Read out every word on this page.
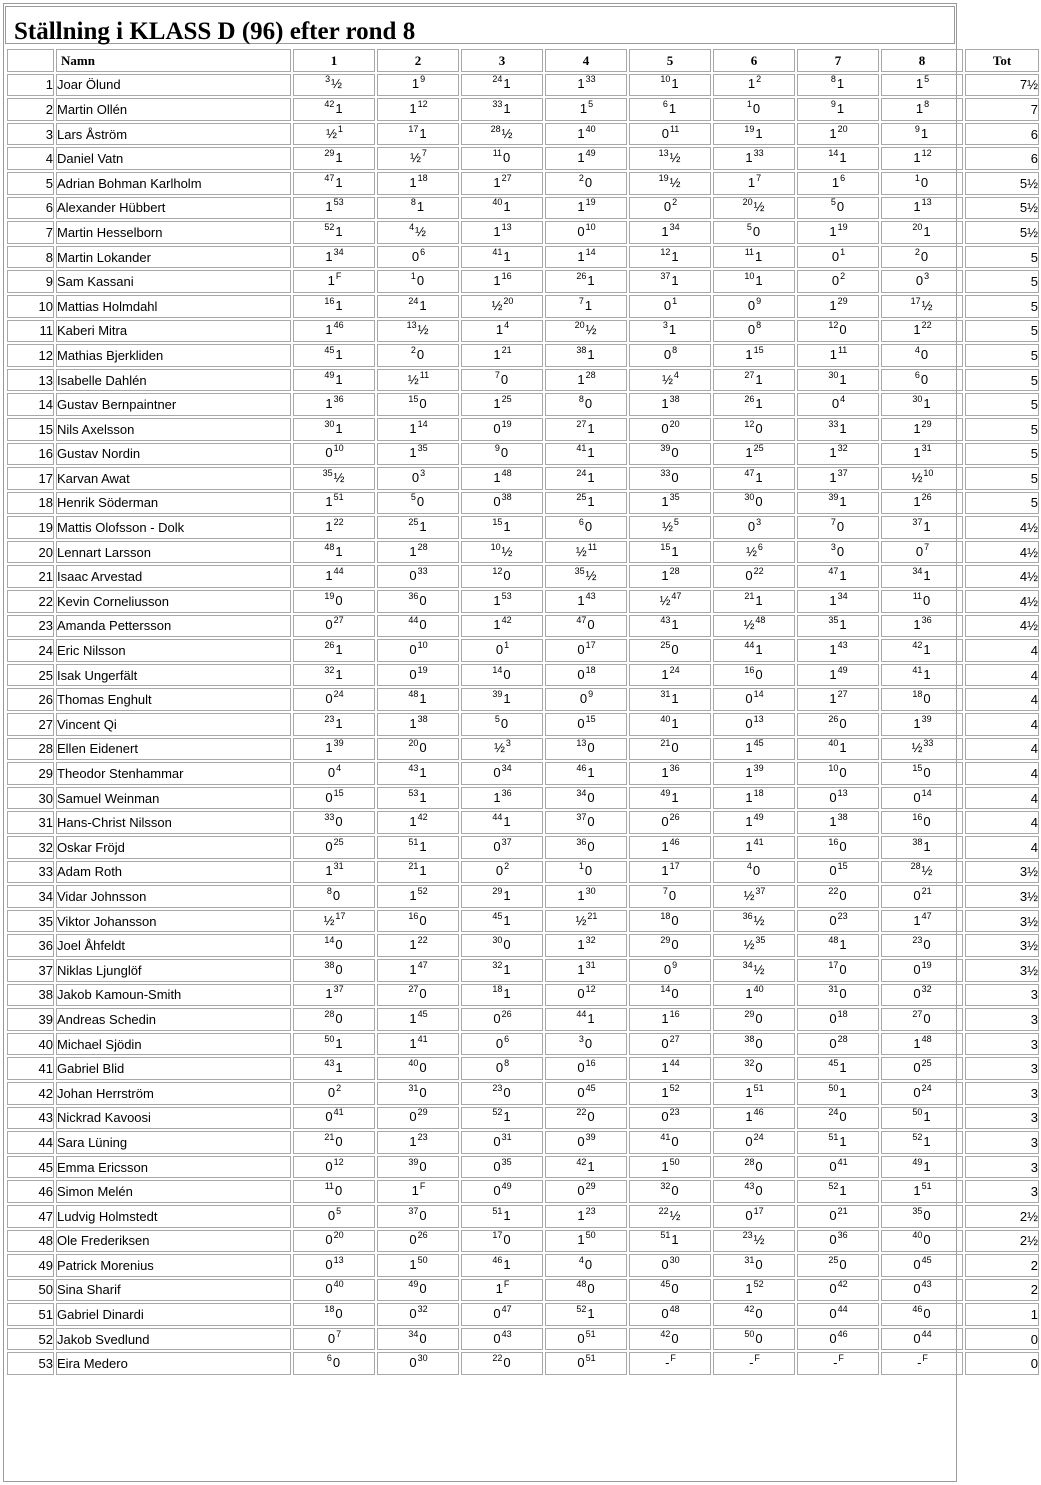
Ställning i KLASS D (96) efter rond 8
	Namn	1	2	3	4	5	6	7	8	Tot
1	Joar Ölund	$^3$½	$1^9$	$^{24}$1	$1^{33}$	$^{10}$1	$1^2$	$^8$1	$1^5$	7½
2	Martin Ollén	$^{42}$1	$1^{12}$	$^{33}$1	$1^5$	$^6$1	$^1$0	$^9$1	$1^8$	7
3	Lars Åström	½$^1$	$^{17}$1	$^{28}$½	$1^{40}$	$0^{11}$	$^{19}$1	$1^{20}$	$^9$1	6
4	Daniel Vatn	$^{29}$1	½$^7$	$^{11}$0	$1^{49}$	$^{13}$½	$1^{33}$	$^{14}$1	$1^{12}$	6
5	Adrian Bohman Karlholm	$^{47}$1	$1^{18}$	$1^{27}$	$^2$0	$^{19}$½	$1^7$	$1^6$	$^1$0	5½
6	Alexander Hübbert	$1^{53}$	$^8$1	$^{40}$1	$1^{19}$	$0^2$	$^{20}$½	$^5$0	$1^{13}$	5½
7	Martin Hesselborn	$^{52}$1	$^4$½	$1^{13}$	$0^{10}$	$1^{34}$	$^5$0	$1^{19}$	$^{20}$1	5½
8	Martin Lokander	$1^{34}$	$0^6$	$^{41}$1	$1^{14}$	$^{12}$1	$^{11}$1	$0^1$	$^2$0	5
9	Sam Kassani	$1^F$	$^1$0	$1^{16}$	$^{26}$1	$^{37}$1	$^{10}$1	$0^2$	$0^3$	5
10	Mattias Holmdahl	$^{16}$1	$^{24}$1	½$^{20}$	$^7$1	$0^1$	$0^9$	$1^{29}$	$^{17}$½	5
11	Kaberi Mitra	$1^{46}$	$^{13}$½	$1^4$	$^{20}$½	$^3$1	$0^8$	$^{12}$0	$1^{22}$	5
12	Mathias Bjerkliden	$^{45}$1	$^2$0	$1^{21}$	$^{38}$1	$0^8$	$1^{15}$	$1^{11}$	$^4$0	5
13	Isabelle Dahlén	$^{49}$1	½$^{11}$	$^7$0	$1^{28}$	½$^4$	$^{27}$1	$^{30}$1	$^6$0	5
14	Gustav Bernpaintner	$1^{36}$	$^{15}$0	$1^{25}$	$^8$0	$1^{38}$	$^{26}$1	$0^4$	$^{30}$1	5
15	Nils Axelsson	$^{30}$1	$1^{14}$	$0^{19}$	$^{27}$1	$0^{20}$	$^{12}$0	$^{33}$1	$1^{29}$	5
16	Gustav Nordin	$0^{10}$	$1^{35}$	$^9$0	$^{41}$1	$^{39}$0	$1^{25}$	$1^{32}$	$1^{31}$	5
17	Karvan Awat	$^{35}$½	$0^3$	$1^{48}$	$^{24}$1	$^{33}$0	$^{47}$1	$1^{37}$	½$^{10}$	5
18	Henrik Söderman	$1^{51}$	$^5$0	$0^{38}$	$^{25}$1	$1^{35}$	$^{30}$0	$^{39}$1	$1^{26}$	5
19	Mattis Olofsson - Dolk	$1^{22}$	$^{25}$1	$^{15}$1	$^6$0	½$^5$	$0^3$	$^7$0	$^{37}$1	4½
20	Lennart Larsson	$^{48}$1	$1^{28}$	$^{10}$½	½$^{11}$	$^{15}$1	½$^6$	$^3$0	$0^7$	4½
21	Isaac Arvestad	$1^{44}$	$0^{33}$	$^{12}$0	$^{35}$½	$1^{28}$	$0^{22}$	$^{47}$1	$^{34}$1	4½
22	Kevin Corneliusson	$^{19}$0	$^{36}$0	$1^{53}$	$1^{43}$	½$^{47}$	$^{21}$1	$1^{34}$	$^{11}$0	4½
23	Amanda Pettersson	$0^{27}$	$^{44}$0	$1^{42}$	$^{47}$0	$^{43}$1	½$^{48}$	$^{35}$1	$1^{36}$	4½
24	Eric Nilsson	$^{26}$1	$0^{10}$	$0^1$	$0^{17}$	$^{25}$0	$^{44}$1	$1^{43}$	$^{42}$1	4
25	Isak Ungerfält	$^{32}$1	$0^{19}$	$^{14}$0	$0^{18}$	$1^{24}$	$^{16}$0	$1^{49}$	$^{41}$1	4
26	Thomas Enghult	$0^{24}$	$^{48}$1	$^{39}$1	$0^9$	$^{31}$1	$0^{14}$	$1^{27}$	$^{18}$0	4
27	Vincent Qi	$^{23}$1	$1^{38}$	$^5$0	$0^{15}$	$^{40}$1	$0^{13}$	$^{26}$0	$1^{39}$	4
28	Ellen Eidenert	$1^{39}$	$^{20}$0	½$^3$	$^{13}$0	$^{21}$0	$1^{45}$	$^{40}$1	½$^{33}$	4
29	Theodor Stenhammar	$0^4$	$^{43}$1	$0^{34}$	$^{46}$1	$1^{36}$	$1^{39}$	$^{10}$0	$^{15}$0	4
30	Samuel Weinman	$0^{15}$	$^{53}$1	$1^{36}$	$^{34}$0	$^{49}$1	$1^{18}$	$0^{13}$	$0^{14}$	4
31	Hans-Christ Nilsson	$^{33}$0	$1^{42}$	$^{44}$1	$^{37}$0	$0^{26}$	$1^{49}$	$1^{38}$	$^{16}$0	4
32	Oskar Fröjd	$0^{25}$	$^{51}$1	$0^{37}$	$^{36}$0	$1^{46}$	$1^{41}$	$^{16}$0	$^{38}$1	4
33	Adam Roth	$1^{31}$	$^{21}$1	$0^2$	$^1$0	$1^{17}$	$^4$0	$0^{15}$	$^{28}$½	3½
34	Vidar Johnsson	$^8$0	$1^{52}$	$^{29}$1	$1^{30}$	$^7$0	½$^{37}$	$^{22}$0	$0^{21}$	3½
35	Viktor Johansson	½$^{17}$	$^{16}$0	$^{45}$1	½$^{21}$	$^{18}$0	$^{36}$½	$0^{23}$	$1^{47}$	3½
36	Joel Åhfeldt	$^{14}$0	$1^{22}$	$^{30}$0	$1^{32}$	$^{29}$0	½$^{35}$	$^{48}$1	$^{23}$0	3½
37	Niklas Ljunglöf	$^{38}$0	$1^{47}$	$^{32}$1	$1^{31}$	$0^9$	$^{34}$½	$^{17}$0	$0^{19}$	3½
38	Jakob Kamoun-Smith	$1^{37}$	$^{27}$0	$^{18}$1	$0^{12}$	$^{14}$0	$1^{40}$	$^{31}$0	$0^{32}$	3
39	Andreas Schedin	$^{28}$0	$1^{45}$	$0^{26}$	$^{44}$1	$1^{16}$	$^{29}$0	$0^{18}$	$^{27}$0	3
40	Michael Sjödin	$^{50}$1	$1^{41}$	$0^6$	$^3$0	$0^{27}$	$^{38}$0	$0^{28}$	$1^{48}$	3
41	Gabriel Blid	$^{43}$1	$^{40}$0	$0^8$	$0^{16}$	$1^{44}$	$^{32}$0	$^{45}$1	$0^{25}$	3
42	Johan Herrström	$0^2$	$^{31}$0	$^{23}$0	$0^{45}$	$1^{52}$	$1^{51}$	$^{50}$1	$0^{24}$	3
43	Nickrad Kavoosi	$0^{41}$	$0^{29}$	$^{52}$1	$^{22}$0	$0^{23}$	$1^{46}$	$^{24}$0	$^{50}$1	3
44	Sara Lüning	$^{21}$0	$1^{23}$	$0^{31}$	$0^{39}$	$^{41}$0	$0^{24}$	$^{51}$1	$^{52}$1	3
45	Emma Ericsson	$0^{12}$	$^{39}$0	$0^{35}$	$^{42}$1	$1^{50}$	$^{28}$0	$0^{41}$	$^{49}$1	3
46	Simon Melén	$^{11}$0	$1^F$	$0^{49}$	$0^{29}$	$^{32}$0	$^{43}$0	$^{52}$1	$1^{51}$	3
47	Ludvig Holmstedt	$0^5$	$^{37}$0	$^{51}$1	$1^{23}$	$^{22}$½	$0^{17}$	$0^{21}$	$^{35}$0	2½
48	Ole Frederiksen	$0^{20}$	$0^{26}$	$^{17}$0	$1^{50}$	$^{51}$1	$^{23}$½	$0^{36}$	$^{40}$0	2½
49	Patrick Morenius	$0^{13}$	$1^{50}$	$^{46}$1	$^4$0	$0^{30}$	$^{31}$0	$^{25}$0	$0^{45}$	2
50	Sina Sharif	$0^{40}$	$^{49}$0	$1^F$	$^{48}$0	$^{45}$0	$1^{52}$	$0^{42}$	$0^{43}$	2
51	Gabriel Dinardi	$^{18}$0	$0^{32}$	$0^{47}$	$^{52}$1	$0^{48}$	$^{42}$0	$0^{44}$	$^{46}$0	1
52	Jakob Svedlund	$0^7$	$^{34}$0	$0^{43}$	$0^{51}$	$^{42}$0	$^{50}$0	$0^{46}$	$0^{44}$	0
53	Eira Medero	$^6$0	$0^{30}$	$^{22}$0	$0^{51}$	-$^F$	-$^F$	-$^F$	-$^F$	0
